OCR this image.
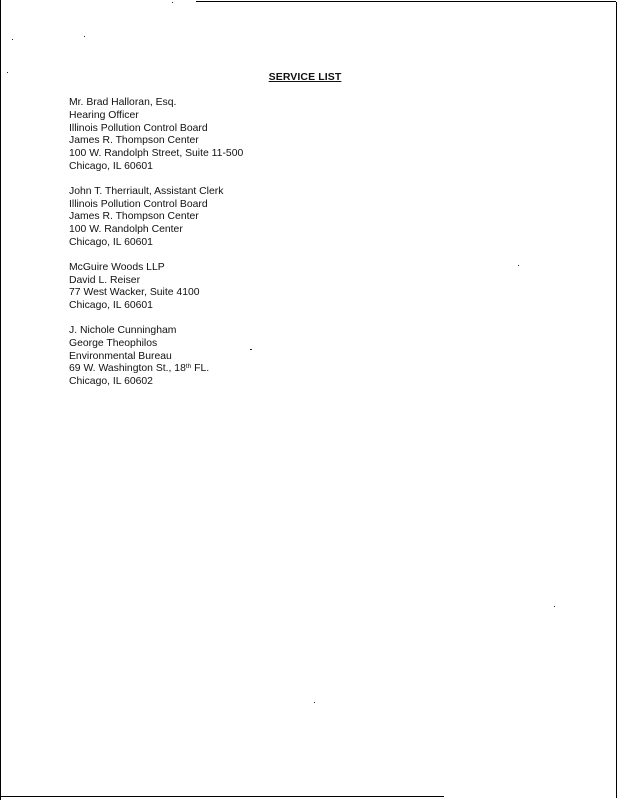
SERVICE LIST
Mr. Brad Halloran, Esq.
Hearing Officer
Illinois Pollution Control Board
James R. Thompson Center
100 W. Randolph Street, Suite 11-500
Chicago, IL 60601
John T. Therriault, Assistant Clerk
Illinois Pollution Control Board
James R. Thompson Center
100 W. Randolph Center
Chicago, IL 60601
McGuire Woods LLP
David L. Reiser
77 West Wacker, Suite 4100
Chicago, IL 60601
J. Nichole Cunningham
George Theophilos
Environmental Bureau
69 W. Washington St., 18th FL.
Chicago, IL 60602
